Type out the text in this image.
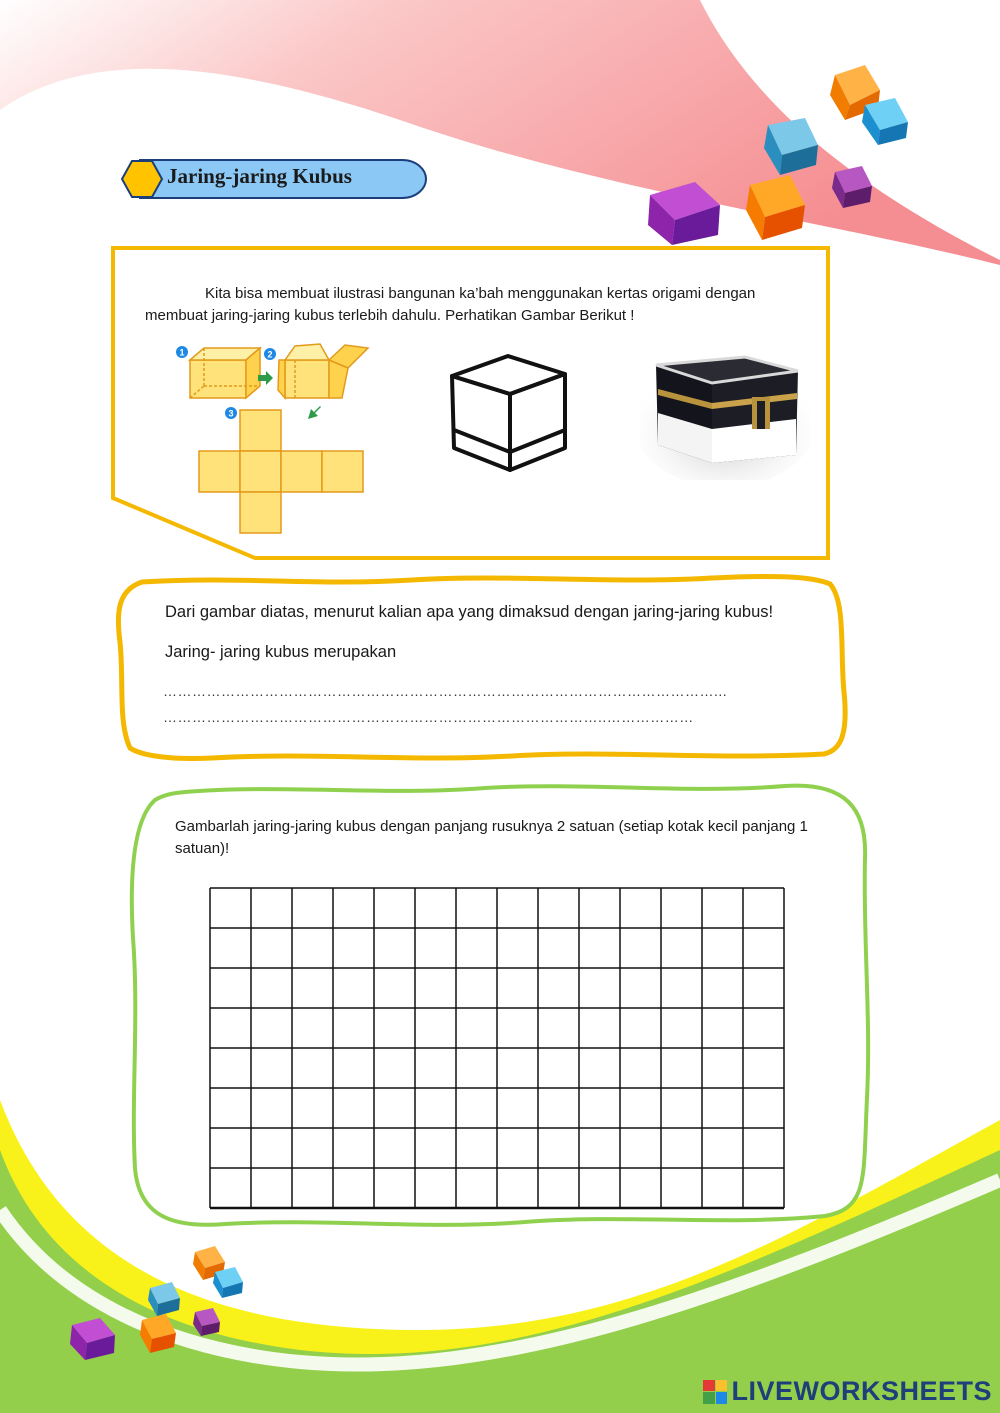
Jaring-jaring Kubus
Kita bisa membuat ilustrasi bangunan ka’bah menggunakan kertas origami dengan
membuat jaring-jaring kubus terlebih dahulu. Perhatikan Gambar Berikut !
1	2
3
Dari gambar diatas, menurut kalian apa yang dimaksud dengan jaring-jaring kubus!
Jaring- jaring kubus merupakan
……………………………………………………………………………………………………...
………………………………………………………………………………..………………
Gambarlah jaring-jaring kubus dengan panjang rusuknya 2 satuan (setiap kotak kecil panjang 1 satuan)!
LIVEWORKSHEETS
